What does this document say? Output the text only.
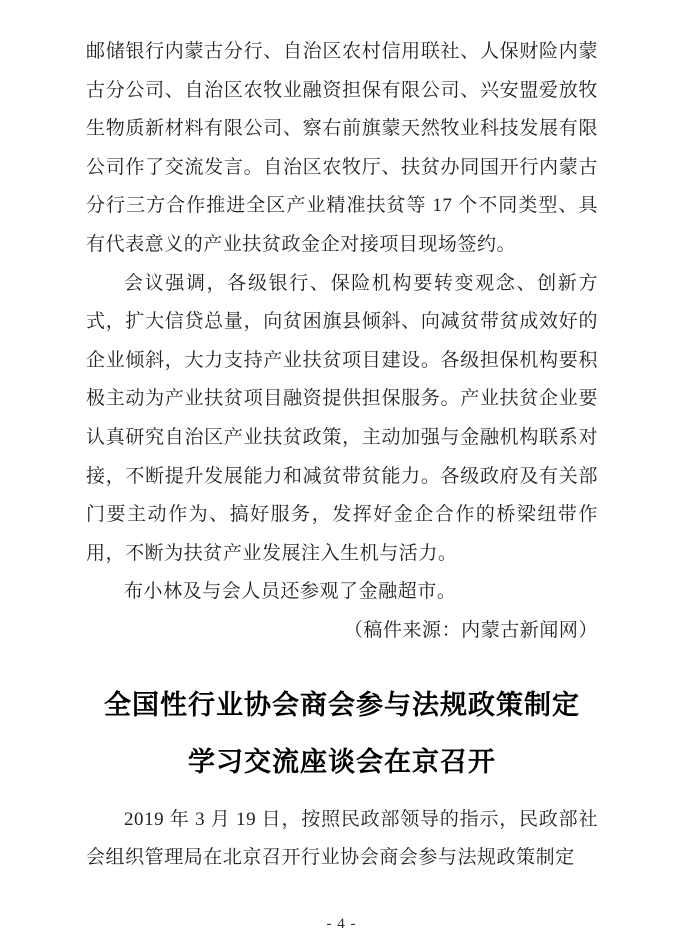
邮储银行内蒙古分行、自治区农村信用联社、人保财险内蒙古分公司、自治区农牧业融资担保有限公司、兴安盟爱放牧生物质新材料有限公司、察右前旗蒙天然牧业科技发展有限公司作了交流发言。自治区农牧厅、扶贫办同国开行内蒙古分行三方合作推进全区产业精准扶贫等 17 个不同类型、具有代表意义的产业扶贫政金企对接项目现场签约。

会议强调，各级银行、保险机构要转变观念、创新方式，扩大信贷总量，向贫困旗县倾斜、向减贫带贫成效好的企业倾斜，大力支持产业扶贫项目建设。各级担保机构要积极主动为产业扶贫项目融资提供担保服务。产业扶贫企业要认真研究自治区产业扶贫政策，主动加强与金融机构联系对接，不断提升发展能力和减贫带贫能力。各级政府及有关部门要主动作为、搞好服务，发挥好金企合作的桥梁纽带作用，不断为扶贫产业发展注入生机与活力。

布小林及与会人员还参观了金融超市。

（稿件来源：内蒙古新闻网）

全国性行业协会商会参与法规政策制定
学习交流座谈会在京召开

2019 年 3 月 19 日，按照民政部领导的指示，民政部社会组织管理局在北京召开行业协会商会参与法规政策制定

- 4 -
